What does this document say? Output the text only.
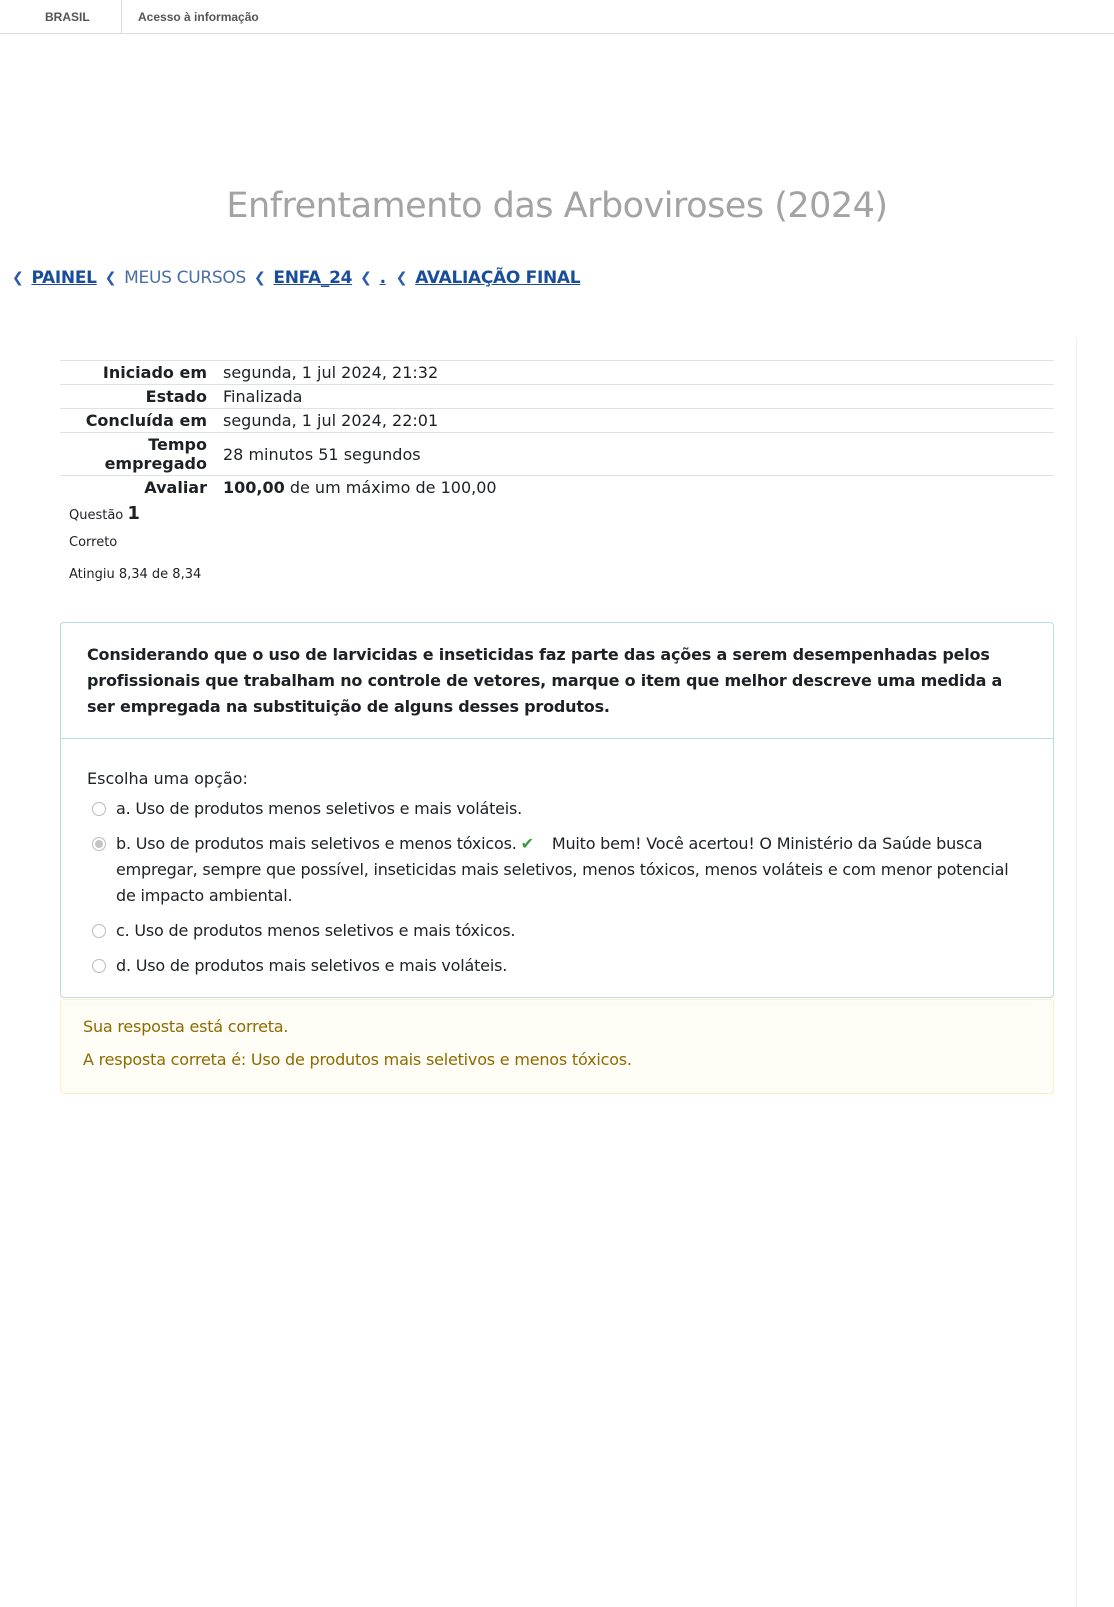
BRASIL	Acesso à informação
Enfrentamento das Arboviroses (2024)
❮ PAINEL ❮ MEUS CURSOS ❮ ENFA_24 ❮ . ❮ AVALIAÇÃO FINAL
Iniciado em	segunda, 1 jul 2024, 21:32
Estado	Finalizada
Concluída em	segunda, 1 jul 2024, 22:01
Tempo empregado	28 minutos 51 segundos
Avaliar	100,00 de um máximo de 100,00
Questão 1
Correto
Atingiu 8,34 de 8,34
Considerando que o uso de larvicidas e inseticidas faz parte das ações a serem desempenhadas pelos profissionais que trabalham no controle de vetores, marque o item que melhor descreve uma medida a ser empregada na substituição de alguns desses produtos.
Escolha uma opção:
a. Uso de produtos menos seletivos e mais voláteis.
b. Uso de produtos mais seletivos e menos tóxicos. ✔ Muito bem! Você acertou! O Ministério da Saúde busca empregar, sempre que possível, inseticidas mais seletivos, menos tóxicos, menos voláteis e com menor potencial de impacto ambiental.
c. Uso de produtos menos seletivos e mais tóxicos.
d. Uso de produtos mais seletivos e mais voláteis.
Sua resposta está correta.
A resposta correta é: Uso de produtos mais seletivos e menos tóxicos.
